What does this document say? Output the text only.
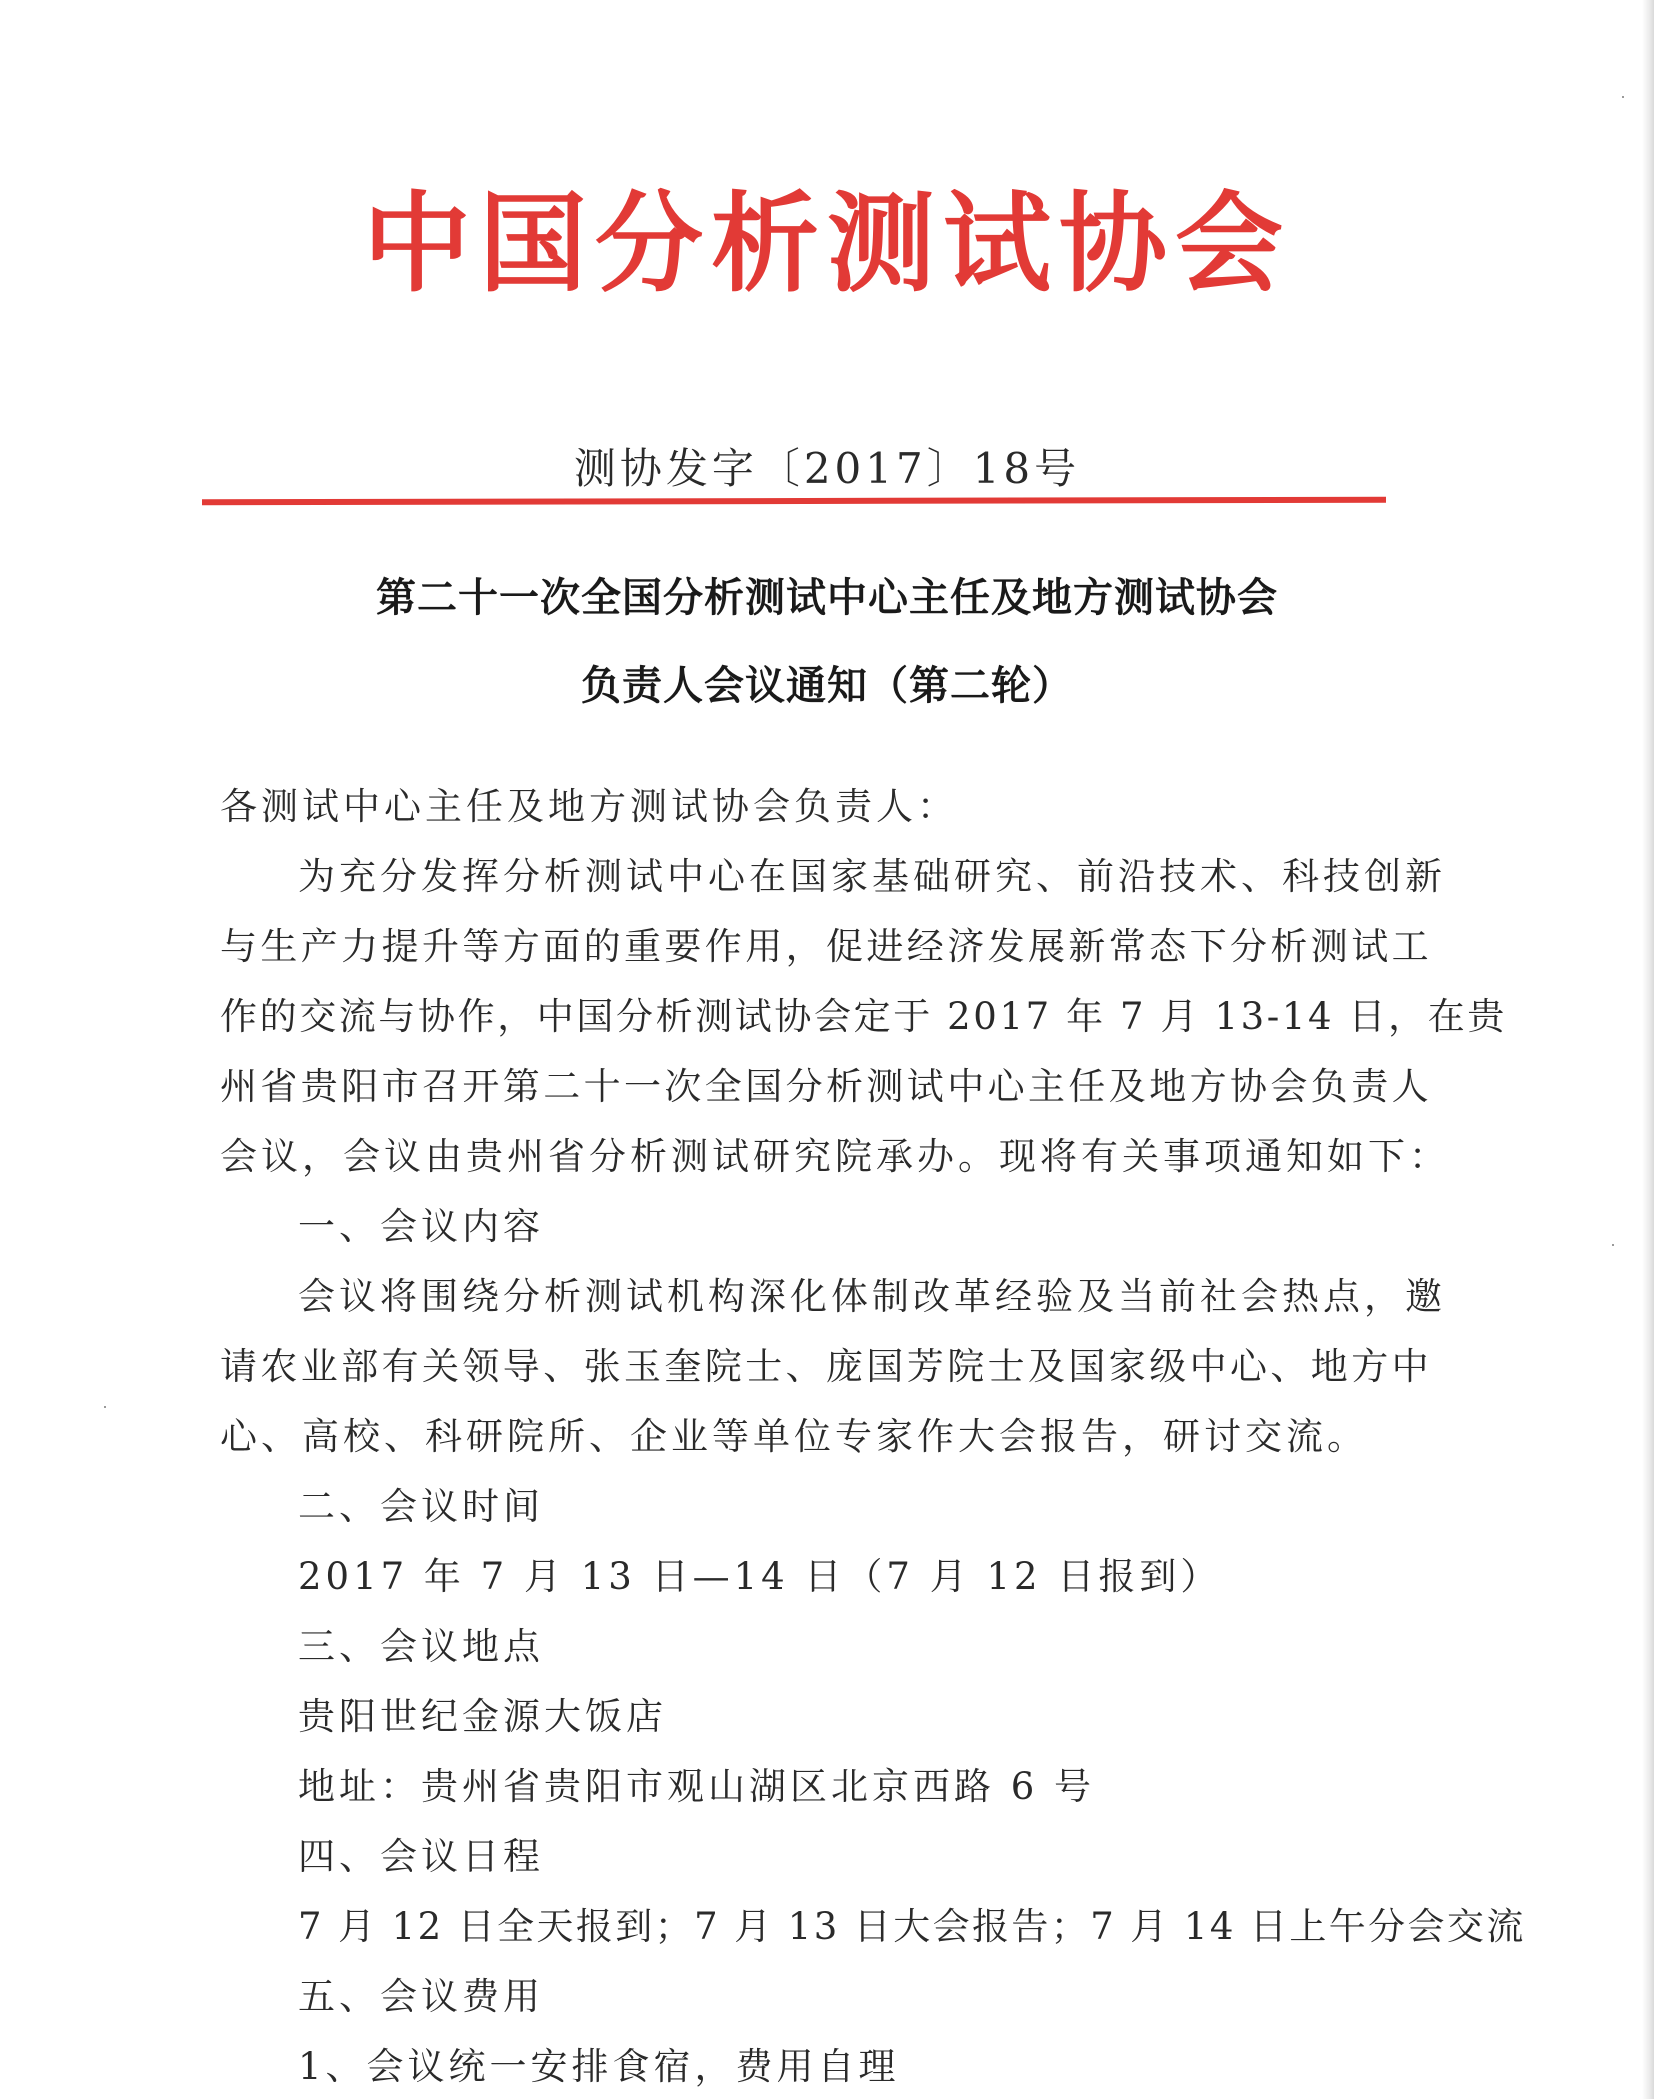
中国分析测试协会
测协发字〔2017〕18号
第二十一次全国分析测试中心主任及地方测试协会
负责人会议通知（第二轮）
各测试中心主任及地方测试协会负责人：
为充分发挥分析测试中心在国家基础研究、前沿技术、科技创新
与生产力提升等方面的重要作用，促进经济发展新常态下分析测试工
作的交流与协作，中国分析测试协会定于 2017 年 7 月 13-14 日，在贵
州省贵阳市召开第二十一次全国分析测试中心主任及地方协会负责人
会议，会议由贵州省分析测试研究院承办。现将有关事项通知如下：
一、会议内容
会议将围绕分析测试机构深化体制改革经验及当前社会热点，邀
请农业部有关领导、张玉奎院士、庞国芳院士及国家级中心、地方中
心、高校、科研院所、企业等单位专家作大会报告，研讨交流。
二、会议时间
2017 年 7 月 13 日—14 日（7 月 12 日报到）
三、会议地点
贵阳世纪金源大饭店
地址：贵州省贵阳市观山湖区北京西路 6 号
四、会议日程
7 月 12 日全天报到；7 月 13 日大会报告；7 月 14 日上午分会交流
五、会议费用
1、会议统一安排食宿，费用自理
